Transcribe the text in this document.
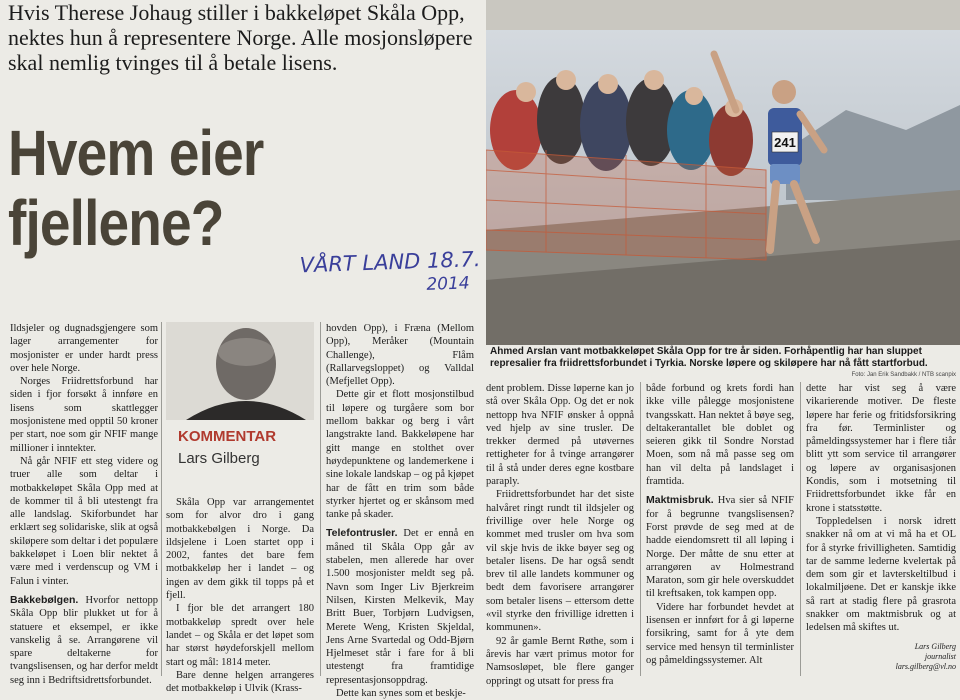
Hvis Therese Johaug stiller i bakkeløpet Skåla Opp, nektes hun å representere Norge. Alle mosjonsløpere skal nemlig tvinges til å betale lisens.
Hvem eier
fjellene?
VÅRT LAND 18.7.
2014
241
Ahmed Arslan vant motbakkeløpet Skåla Opp for tre år siden. Forhåpentlig har han sluppet represalier fra friidrettsforbundet i Tyrkia. Norske løpere og skiløpere har nå fått startforbud.
Foto: Jan Erik Sandbakk / NTB scanpix
KOMMENTAR
Lars Gilberg

Ildsjeler og dugnadsgjengere som lager arrangementer for mosjonister er under hardt press over hele Norge.

Norges Friidrettsforbund har siden i fjor forsøkt å innføre en lisens som skattlegger mosjonistene med opptil 50 kroner per start, noe som gir NFIF mange millioner i inntekter.

Nå går NFIF ett steg videre og truer alle som deltar i motbakkeløpet Skåla Opp med at de kommer til å bli utestengt fra alle landslag. Skiforbundet har erklært seg solidariske, slik at også skiløpere som deltar i det populære bakkeløpet i Loen blir nektet å være med i verdenscup og VM i Falun i vinter.

Bakkebølgen. Hvorfor nettopp Skåla Opp blir plukket ut for å statuere et eksempel, er ikke vanskelig å se. Arrangørene vil spare deltakerne for tvangslisensen, og har derfor meldt seg inn i Bedriftsidrettsforbundet.

Skåla Opp var arrangementet som for alvor dro i gang motbakkebølgen i Norge. Da ildsjelene i Loen startet opp i 2002, fantes det bare fem motbakkeløp her i landet – og ingen av dem gikk til topps på et fjell.

I fjor ble det arrangert 180 motbakkeløp spredt over hele landet – og Skåla er det løpet som har størst høydeforskjell mellom start og mål: 1814 meter.

Bare denne helgen arrangeres det motbakkeløp i Ulvik (Krass-

hovden Opp), i Fræna (Mellom Opp), Meråker (Mountain Challenge), Flåm (Rallarvegsloppet) og Valldal (Mefjellet Opp).

Dette gir et flott mosjonstilbud til løpere og turgåere som bor mellom bakkar og berg i vårt langstrakte land. Bakkeløpene har gitt mange en stolthet over høydepunktene og landemerkene i sine lokale landskap – og på kjøpet har de fått en trim som både styrker hjertet og er skånsom med tanke på skader.

Telefontrusler. Det er ennå en måned til Skåla Opp går av stabelen, men allerede har over 1.500 mosjonister meldt seg på. Navn som Inger Liv Bjerkreim Nilsen, Kirsten Melkevik, May Britt Buer, Torbjørn Ludvigsen, Merete Weng, Kristen Skjeldal, Jens Arne Svartedal og Odd-Bjørn Hjelmeset står i fare for å bli utestengt fra framtidige representasjonsoppdrag.

Dette kan synes som et beskje-

dent problem. Disse løperne kan jo stå over Skåla Opp. Og det er nok nettopp hva NFIF ønsker å oppnå ved hjelp av sine trusler. De trekker dermed på utøvernes rettigheter for å tvinge arrangører til å stå under deres egne kostbare paraply.

Friidrettsforbundet har det siste halvåret ringt rundt til ildsjeler og frivillige over hele Norge og kommet med trusler om hva som vil skje hvis de ikke bøyer seg og betaler lisens. De har også sendt brev til alle landets kommuner og bedt dem favorisere arrangører som betaler lisens – ettersom dette «vil styrke den frivillige idretten i kommunen».

92 år gamle Bernt Røthe, som i årevis har vært primus motor for Namsosløpet, ble flere ganger oppringt og utsatt for press fra

både forbund og krets fordi han ikke ville pålegge mosjonistene tvangsskatt. Han nektet å bøye seg, deltakerantallet ble doblet og seieren gikk til Sondre Norstad Moen, som nå må passe seg om han vil delta på landslaget i framtida.

Maktmisbruk. Hva sier så NFIF for å begrunne tvangslisensen? Forst prøvde de seg med at de hadde eiendomsrett til all løping i Norge. Der måtte de snu etter at arrangøren av Holmestrand Maraton, som gir hele overskuddet til kreftsaken, tok kampen opp.

Videre har forbundet hevdet at lisensen er innført for å gi løperne forsikring, samt for å yte dem service med hensyn til terminlister og påmeldingssystemer. Alt

dette har vist seg å være vikarierende motiver. De fleste løpere har ferie og fritidsforsikring fra før. Terminlister og påmeldingssystemer har i flere tiår blitt ytt som service til arrangører og løpere av organisasjonen Kondis, som i motsetning til Friidrettsforbundet ikke får en krone i statsstøtte.

Toppledelsen i norsk idrett snakker nå om at vi må ha et OL for å styrke frivilligheten. Samtidig tar de samme lederne kvelertak på dem som gir et lavterskeltilbud i lokalmiljøene. Det er kanskje ikke så rart at stadig flere på grasrota snakker om maktmisbruk og at ledelsen må skiftes ut.

Lars Gilberg
journalist
lars.gilberg@vl.no
